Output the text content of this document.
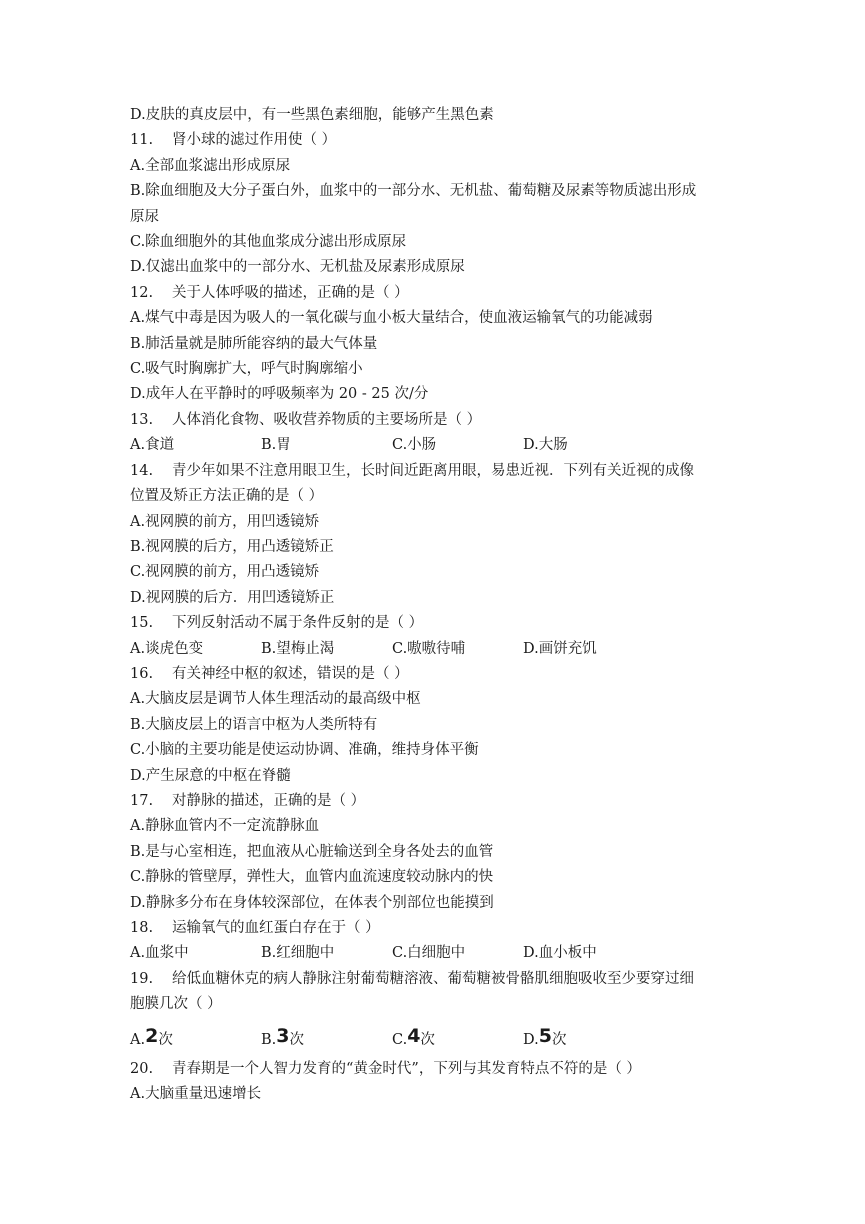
D.皮肤的真皮层中，有一些黑色素细胞，能够产生黑色素
11. 肾小球的滤过作用使（ ）
A.全部血浆滤出形成原尿
B.除血细胞及大分子蛋白外，血浆中的一部分水、无机盐、葡萄糖及尿素等物质滤出形成
原尿
C.除血细胞外的其他血浆成分滤出形成原尿
D.仅滤出血浆中的一部分水、无机盐及尿素形成原尿
12. 关于人体呼吸的描述，正确的是（ ）
A.煤气中毒是因为吸人的一氧化碳与血小板大量结合，使血液运输氧气的功能减弱
B.肺活量就是肺所能容纳的最大气体量
C.吸气时胸廓扩大，呼气时胸廓缩小
D.成年人在平静时的呼吸频率为 20 - 25 次/分
13. 人体消化食物、吸收营养物质的主要场所是（ ）
A.食道	B.胃	C.小肠	D.大肠
14. 青少年如果不注意用眼卫生，长时间近距离用眼，易患近视．下列有关近视的成像
位置及矫正方法正确的是（ ）
A.视网膜的前方，用凹透镜矫
B.视网膜的后方，用凸透镜矫正
C.视网膜的前方，用凸透镜矫
D.视网膜的后方．用凹透镜矫正
15. 下列反射活动不属于条件反射的是（ ）
A.谈虎色变	B.望梅止渴	C.嗷嗷待哺	D.画饼充饥
16. 有关神经中枢的叙述，错误的是（ ）
A.大脑皮层是调节人体生理活动的最高级中枢
B.大脑皮层上的语言中枢为人类所特有
C.小脑的主要功能是使运动协调、准确，维持身体平衡
D.产生尿意的中枢在脊髓
17. 对静脉的描述，正确的是（ ）
A.静脉血管内不一定流静脉血
B.是与心室相连，把血液从心脏输送到全身各处去的血管
C.静脉的管壁厚，弹性大，血管内血流速度较动脉内的快
D.静脉多分布在身体较深部位，在体表个别部位也能摸到
18. 运输氧气的血红蛋白存在于（ ）
A.血浆中	B.红细胞中	C.白细胞中	D.血小板中
19. 给低血糖休克的病人静脉注射葡萄糖溶液、葡萄糖被骨骼肌细胞吸收至少要穿过细
胞膜几次（ ）
A.2次	B.3次	C.4次	D.5次
20. 青春期是一个人智力发育的“黄金时代”，下列与其发育特点不符的是（ ）
A.大脑重量迅速增长
